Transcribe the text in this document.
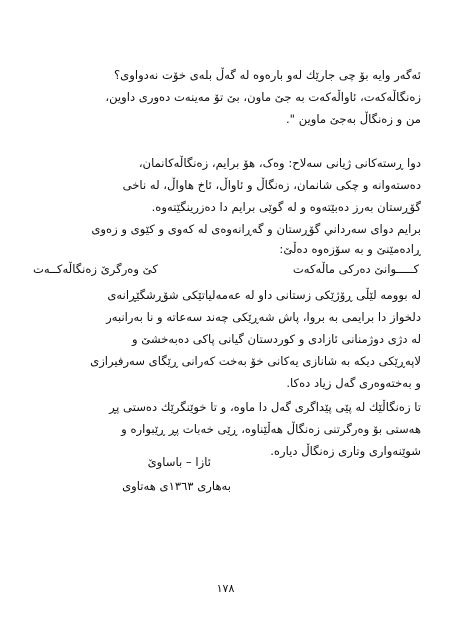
ئەگەر وایە بۆ چی جارێك لەو بارەوە لە گەڵ بلەی خۆت نەدواوی؟
زەنگاڵەکەت، ئاواڵەکەت بە جێ ماون، بێ تۆ مەینەت دەوری داوین،
من و زەنگاڵ بەجێ ماوین ".
دوا ڕستەکانی ژیانی سەلاح: وەک، هۆ برایم، زەنگاڵەکانمان،
دەستەوانە و چکی شانمان، زەنگاڵ و ئاواڵ، ئاخ هاواڵ، لە ناخی
گۆڕستان بەرز دەبێتەوە و لە گوێی برایم دا دەزرینگێتەوە.
برایم دوای سەرداني گۆڕستان و گەڕانەوەی لە کەوی و کێوی و زەوی
ڕادەمێنێ و بە سۆزەوە دەڵێ:
کـــــوانێ دەرکی ماڵەکەت
کێ وەرگرێ زەنگاڵەکــەت
لە بوومە لێڵی ڕۆژێکی زستانی داو لە عەمەلیاتێکی شۆڕشگێڕانەی
دلخواز دا برایمی بە بروا، پاش شەڕێکی چەند سەعاتە و نا بەرانبەر
لە دژی دوژمنانی ئازادی و کوردستان گیانی پاکی دەبەخشێ و
لاپەڕێکی دیکە بە شانازی یەکانی خۆ بەخت کەرانی ڕێگای سەرفیرازی
و بەختەوەری گەل زیاد دەکا.
تا زەنگاڵێك لە پێی پێداگری گەل دا ماوە، و تا خوێنگرێك دەستی پڕ
هەستی بۆ وەرگرتنی زەنگاڵ هەڵێناوە، ڕێی خەبات پڕ ڕێبوارە و
شوێنەواری وتاری زەنگاڵ دیارە.
ئازا – باساوێ
بەهاری ١٣٦٣ی هەتاوی
١٧٨
